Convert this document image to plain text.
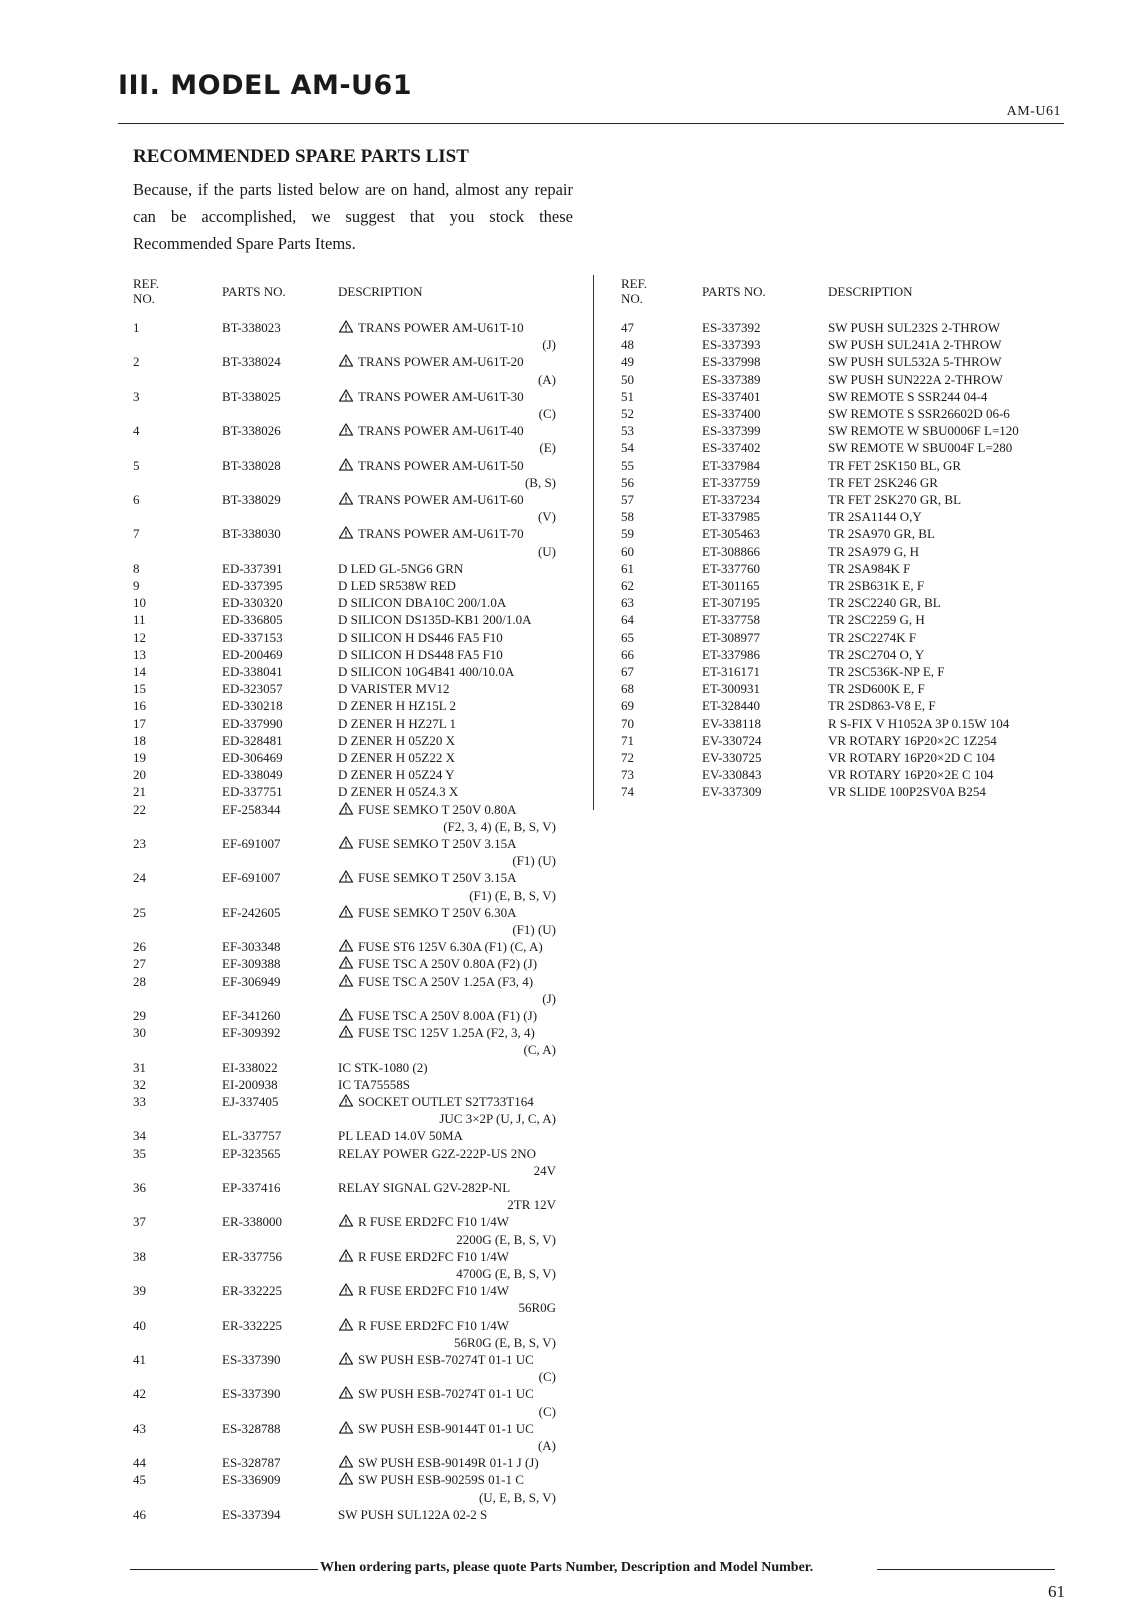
III. MODEL AM-U61
AM-U61
RECOMMENDED SPARE PARTS LIST
Because, if the parts listed below are on hand, almost any repair can be accomplished, we suggest that you stock these Recommended Spare Parts Items.
REF.
NO.	PARTS NO.	DESCRIPTION
REF.
NO.	PARTS NO.	DESCRIPTION
1	BT-338023	TRANS POWER AM-U61T-10
(J)
2	BT-338024	TRANS POWER AM-U61T-20
(A)
3	BT-338025	TRANS POWER AM-U61T-30
(C)
4	BT-338026	TRANS POWER AM-U61T-40
(E)
5	BT-338028	TRANS POWER AM-U61T-50
(B, S)
6	BT-338029	TRANS POWER AM-U61T-60
(V)
7	BT-338030	TRANS POWER AM-U61T-70
(U)
8	ED-337391	D LED GL-5NG6 GRN
9	ED-337395	D LED SR538W RED
10	ED-330320	D SILICON DBA10C 200/1.0A
11	ED-336805	D SILICON DS135D-KB1 200/1.0A
12	ED-337153	D SILICON H DS446 FA5 F10
13	ED-200469	D SILICON H DS448 FA5 F10
14	ED-338041	D SILICON 10G4B41 400/10.0A
15	ED-323057	D VARISTER MV12
16	ED-330218	D ZENER H HZ15L 2
17	ED-337990	D ZENER H HZ27L 1
18	ED-328481	D ZENER H 05Z20 X
19	ED-306469	D ZENER H 05Z22 X
20	ED-338049	D ZENER H 05Z24 Y
21	ED-337751	D ZENER H 05Z4.3 X
22	EF-258344	FUSE SEMKO T 250V 0.80A
(F2, 3, 4) (E, B, S, V)
23	EF-691007	FUSE SEMKO T 250V 3.15A
(F1) (U)
24	EF-691007	FUSE SEMKO T 250V 3.15A
(F1) (E, B, S, V)
25	EF-242605	FUSE SEMKO T 250V 6.30A
(F1) (U)
26	EF-303348	FUSE ST6 125V 6.30A (F1) (C, A)
27	EF-309388	FUSE TSC A 250V 0.80A (F2) (J)
28	EF-306949	FUSE TSC A 250V 1.25A (F3, 4)
(J)
29	EF-341260	FUSE TSC A 250V 8.00A (F1) (J)
30	EF-309392	FUSE TSC 125V 1.25A (F2, 3, 4)
(C, A)
31	EI-338022	IC STK-1080 (2)
32	EI-200938	IC TA75558S
33	EJ-337405	SOCKET OUTLET S2T733T164
JUC 3×2P (U, J, C, A)
34	EL-337757	PL LEAD 14.0V 50MA
35	EP-323565	RELAY POWER G2Z-222P-US 2NO
24V
36	EP-337416	RELAY SIGNAL G2V-282P-NL
2TR 12V
37	ER-338000	R FUSE ERD2FC F10 1/4W
2200G (E, B, S, V)
38	ER-337756	R FUSE ERD2FC F10 1/4W
4700G (E, B, S, V)
39	ER-332225	R FUSE ERD2FC F10 1/4W
56R0G
40	ER-332225	R FUSE ERD2FC F10 1/4W
56R0G (E, B, S, V)
41	ES-337390	SW PUSH ESB-70274T 01-1 UC
(C)
42	ES-337390	SW PUSH ESB-70274T 01-1 UC
(C)
43	ES-328788	SW PUSH ESB-90144T 01-1 UC
(A)
44	ES-328787	SW PUSH ESB-90149R 01-1 J (J)
45	ES-336909	SW PUSH ESB-90259S 01-1 C
(U, E, B, S, V)
46	ES-337394	SW PUSH SUL122A 02-2 S
47	ES-337392	SW PUSH SUL232S 2-THROW
48	ES-337393	SW PUSH SUL241A 2-THROW
49	ES-337998	SW PUSH SUL532A 5-THROW
50	ES-337389	SW PUSH SUN222A 2-THROW
51	ES-337401	SW REMOTE S SSR244 04-4
52	ES-337400	SW REMOTE S SSR26602D 06-6
53	ES-337399	SW REMOTE W SBU0006F L=120
54	ES-337402	SW REMOTE W SBU004F L=280
55	ET-337984	TR FET 2SK150 BL, GR
56	ET-337759	TR FET 2SK246 GR
57	ET-337234	TR FET 2SK270 GR, BL
58	ET-337985	TR 2SA1144 O,Y
59	ET-305463	TR 2SA970 GR, BL
60	ET-308866	TR 2SA979 G, H
61	ET-337760	TR 2SA984K F
62	ET-301165	TR 2SB631K E, F
63	ET-307195	TR 2SC2240 GR, BL
64	ET-337758	TR 2SC2259 G, H
65	ET-308977	TR 2SC2274K F
66	ET-337986	TR 2SC2704 O, Y
67	ET-316171	TR 2SC536K-NP E, F
68	ET-300931	TR 2SD600K E, F
69	ET-328440	TR 2SD863-V8 E, F
70	EV-338118	R S-FIX V H1052A 3P 0.15W 104
71	EV-330724	VR ROTARY 16P20×2C 1Z254
72	EV-330725	VR ROTARY 16P20×2D C 104
73	EV-330843	VR ROTARY 16P20×2E C 104
74	EV-337309	VR SLIDE 100P2SV0A B254
When ordering parts, please quote Parts Number, Description and Model Number.
61
